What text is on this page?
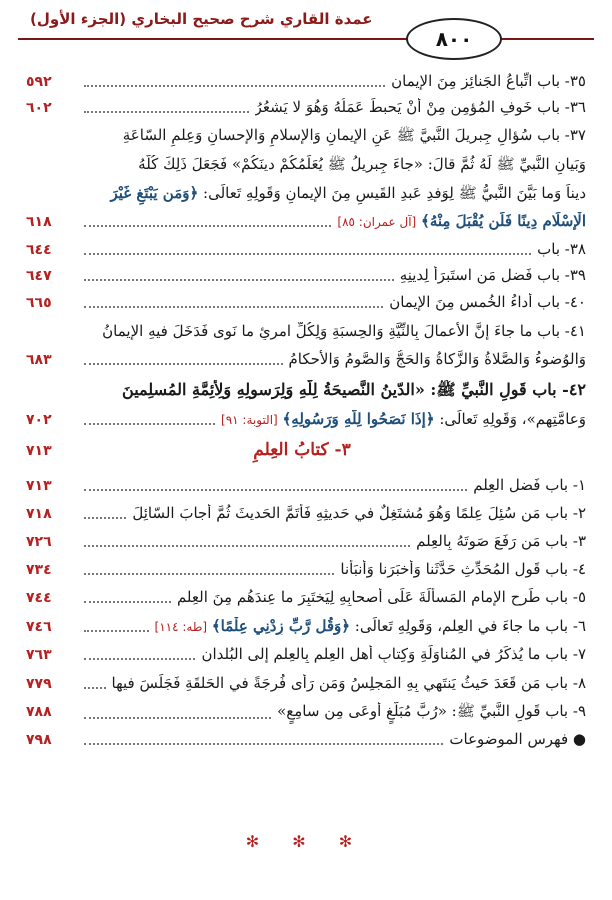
عمدة القاري شرح صحيح البخاري (الجزء الأول)
٨٠٠
٥٩٢	٣٥- باب اتِّباعُ الجَنائِزِ مِنَ الإيمانِ
٦٠٢	٣٦- باب خَوفِ المُؤمِنِ مِنْ أنْ يَحبطَ عَمَلُهُ وَهُوَ لا يَشعُرُ
٣٧- باب سُؤالِ جِبريلَ النَّبيَّ ﷺ عَنِ الإيمانِ وَالإسلامِ وَالإحسانِ وَعِلمِ السّاعَةِ
وَبَيانِ النَّبيِّ ﷺ لَهُ ثُمَّ قالَ: «جاءَ جِبريلُ ﷺ يُعَلِّمُكُمْ دينَكُمْ» فَجَعَلَ ذَلِكَ كُلَّهُ
ديناً وَما بَيَّنَ النَّبيُّ ﷺ لِوَفدِ عَبدِ القَيسِ مِنَ الإيمانِ وَقَولِهِ تَعالَى: ﴿وَمَن يَبْتَغِ غَيْرَ
٦١٨	الْإِسْلَامِ دِينًا فَلَن يُقْبَلَ مِنْهُ﴾ [آل عمران: ٨٥]
٦٤٤	٣٨- باب
٦٤٧	٣٩- باب فَضلِ مَنِ استَبرَأَ لِدينِهِ
٦٦٥	٤٠- باب أداءُ الخُمسِ مِنَ الإيمانِ
٤١- باب ما جاءَ إنَّ الأعمالَ بِالنِّيَّةِ وَالحِسبَةِ وَلِكُلِّ امرِئٍ ما نَوى فَدَخَلَ فيهِ الإيمانُ
٦٨٣	وَالوُضوءُ وَالصَّلاةُ وَالزَّكاةُ وَالحَجُّ وَالصَّومُ وَالأحكامُ
٤٢- باب قَولِ النَّبيِّ ﷺ: «الدّينُ النَّصيحَةُ لِلّهِ وَلِرَسولِهِ وَلِأئِمَّةِ المُسلِمينَ
٧٠٢	وَعامَّتِهِم»، وَقَولِهِ تَعالَى: ﴿إِذَا نَصَحُوا لِلَّهِ وَرَسُولِهِ﴾ [التوبة: ٩١]
٧١٣	٣- كتابُ العِلمِ
٧١٣	١- باب فَضلِ العِلمِ
٧١٨	٢- باب مَن سُئِلَ عِلمًا وَهُوَ مُشتَغِلٌ في حَديثِهِ فَأتَمَّ الحَديثَ ثُمَّ أجابَ السّائِلَ
٧٢٦	٣- باب مَن رَفَعَ صَوتَهُ بِالعِلمِ
٧٣٤	٤- باب قَولِ المُحَدِّثِ حَدَّثَنا وَأخبَرَنا وَأنبَأنا
٧٤٤	٥- باب طَرحِ الإمامِ المَسألَةَ عَلَى أصحابِهِ لِيَختَبِرَ ما عِندَهُم مِنَ العِلمِ
٧٤٦	٦- باب ما جاءَ في العِلمِ، وَقَولِهِ تَعالَى: ﴿وَقُل رَّبِّ زِدْنِي عِلْمًا﴾ [طه: ١١٤]
٧٦٣	٧- باب ما يُذكَرُ في المُناوَلَةِ وَكِتابِ أهلِ العِلمِ بِالعِلمِ إلى البُلدانِ
٧٧٩	٨- باب مَن قَعَدَ حَيثُ يَنتَهي بِهِ المَجلِسُ وَمَن رَأى فُرجَةً في الحَلقَةِ فَجَلَسَ فيها
٧٨٨	٩- باب قَولِ النَّبيِّ ﷺ: «رُبَّ مُبَلَّغٍ أوعَى مِن سامِعٍ»
٧٩٨	● فهرس الموضوعات
✻ ✻ ✻
